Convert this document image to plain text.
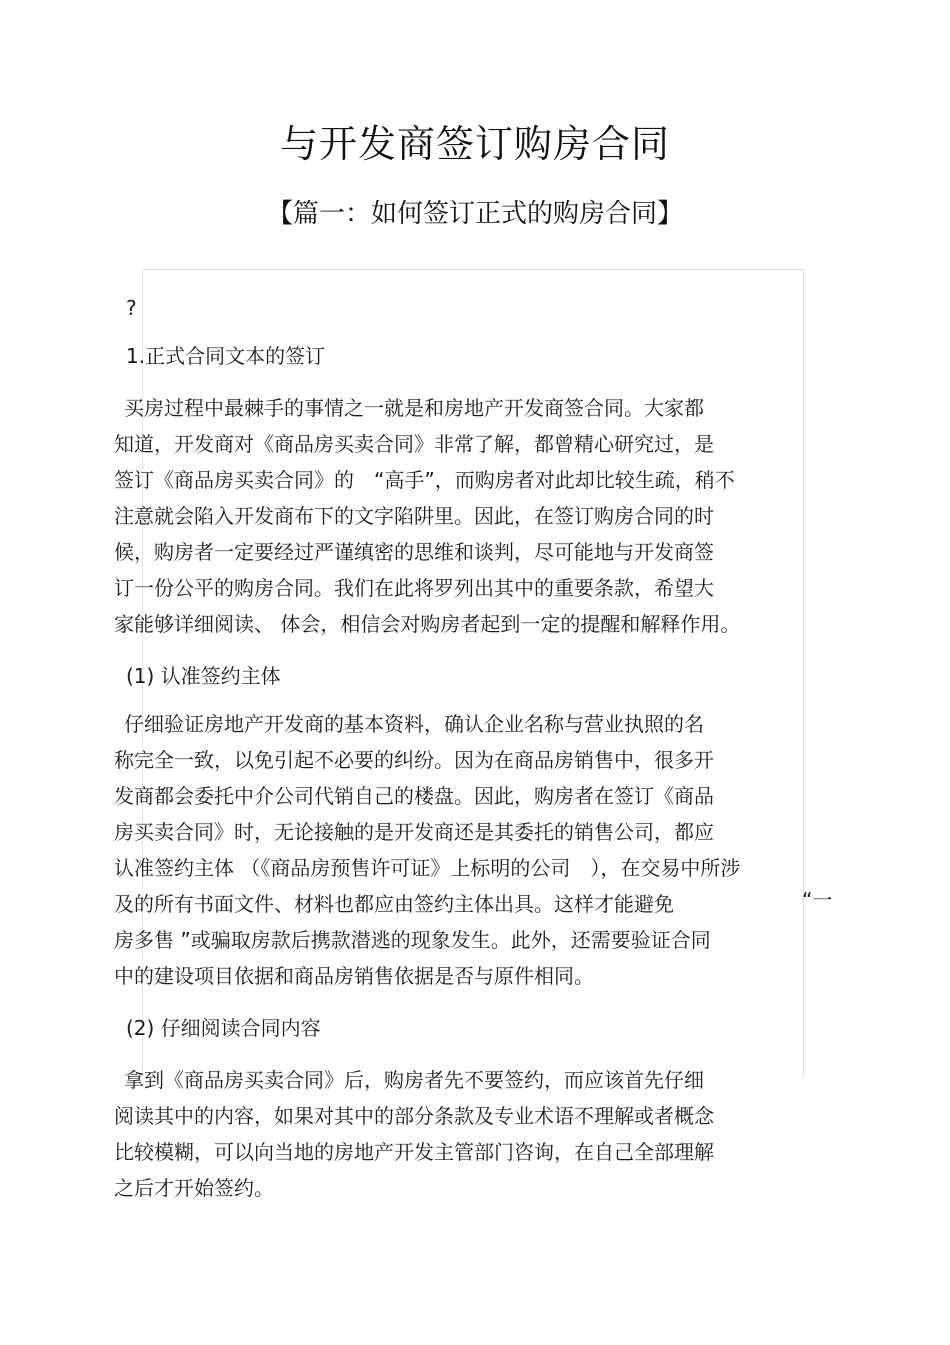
与开发商签订购房合同
【篇一：如何签订正式的购房合同】
?
1.正式合同文本的签订
买房过程中最棘手的事情之一就是和房地产开发商签合同。大家都
知道，开发商对《商品房买卖合同》非常了解，都曾精心研究过，是
签订《商品房买卖合同》的　“高手”，而购房者对此却比较生疏，稍不
注意就会陷入开发商布下的文字陷阱里。因此，在签订购房合同的时
候，购房者一定要经过严谨缜密的思维和谈判，尽可能地与开发商签
订一份公平的购房合同。我们在此将罗列出其中的重要条款，希望大
家能够详细阅读、 体会，相信会对购房者起到一定的提醒和解释作用。
(1) 认准签约主体
仔细验证房地产开发商的基本资料，确认企业名称与营业执照的名
称完全一致，以免引起不必要的纠纷。因为在商品房销售中，很多开
发商都会委托中介公司代销自己的楼盘。因此，购房者在签订《商品
房买卖合同》时，无论接触的是开发商还是其委托的销售公司，都应
认准签约主体 （《商品房预售许可证》上标明的公司　），在交易中所涉
及的所有书面文件、材料也都应由签约主体出具。这样才能避免	“一
房多售 ”或骗取房款后携款潜逃的现象发生。此外，还需要验证合同
中的建设项目依据和商品房销售依据是否与原件相同。
(2) 仔细阅读合同内容
拿到《商品房买卖合同》后，购房者先不要签约，而应该首先仔细
阅读其中的内容，如果对其中的部分条款及专业术语不理解或者概念
比较模糊，可以向当地的房地产开发主管部门咨询，在自己全部理解
之后才开始签约。
